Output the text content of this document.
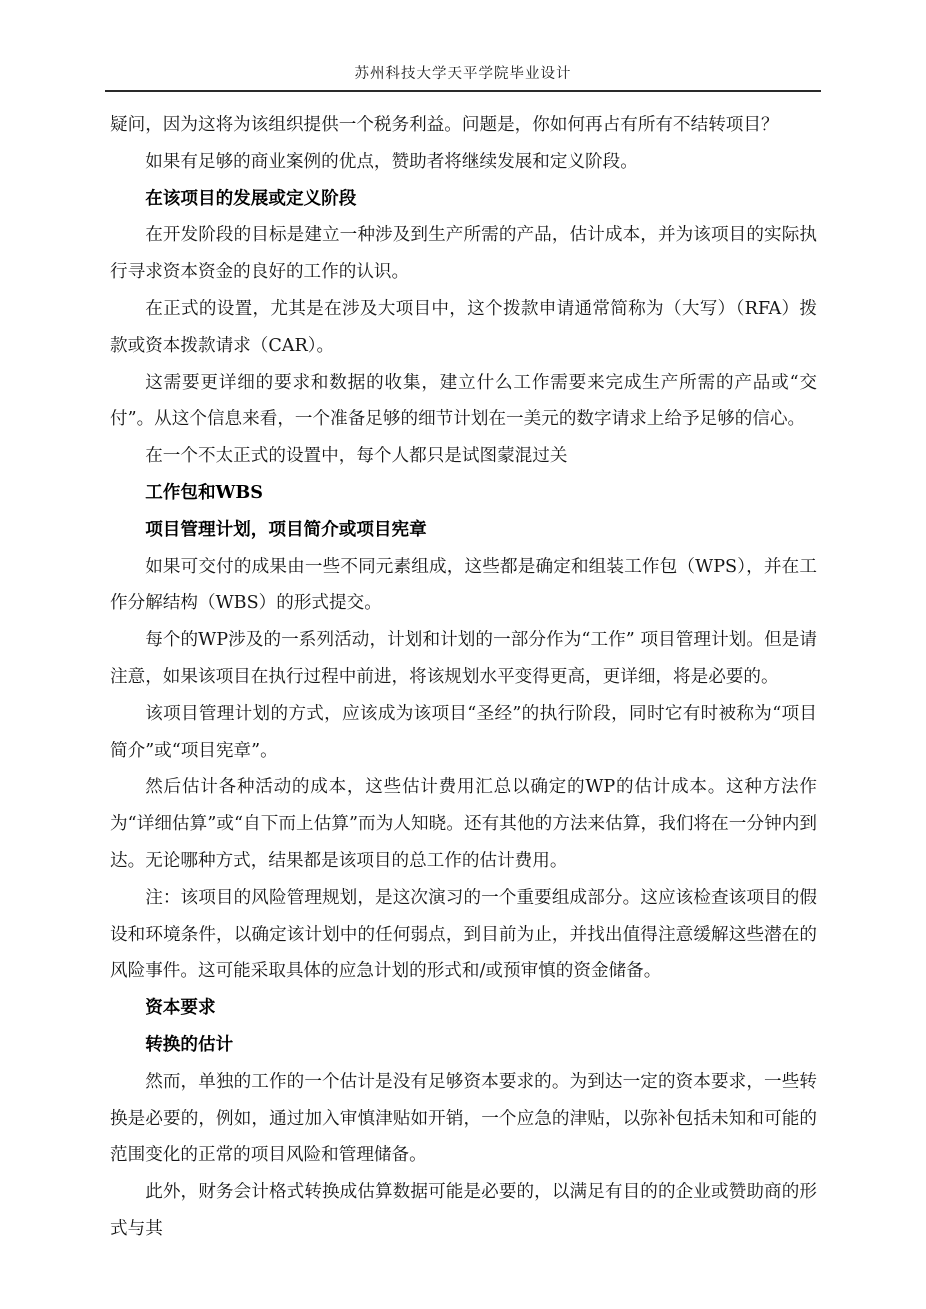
苏州科技大学天平学院毕业设计

疑问，因为这将为该组织提供一个税务利益。问题是，你如何再占有所有不结转项目？

如果有足够的商业案例的优点，赞助者将继续发展和定义阶段。

在该项目的发展或定义阶段

在开发阶段的目标是建立一种涉及到生产所需的产品，估计成本，并为该项目的实际执行寻求资本资金的良好的工作的认识。

在正式的设置，尤其是在涉及大项目中，这个拨款申请通常简称为（大写）（RFA）拨款或资本拨款请求（CAR）。

这需要更详细的要求和数据的收集，建立什么工作需要来完成生产所需的产品或“交付”。从这个信息来看，一个准备足够的细节计划在一美元的数字请求上给予足够的信心。

在一个不太正式的设置中，每个人都只是试图蒙混过关

工作包和WBS

项目管理计划，项目简介或项目宪章

如果可交付的成果由一些不同元素组成，这些都是确定和组装工作包（WPS），并在工作分解结构（WBS）的形式提交。

每个的WP涉及的一系列活动，计划和计划的一部分作为“工作” 项目管理计划。但是请注意，如果该项目在执行过程中前进，将该规划水平变得更高，更详细，将是必要的。

该项目管理计划的方式，应该成为该项目“圣经”的执行阶段，同时它有时被称为“项目简介”或“项目宪章”。

然后估计各种活动的成本，这些估计费用汇总以确定的WP的估计成本。这种方法作为“详细估算”或“自下而上估算”而为人知晓。还有其他的方法来估算，我们将在一分钟内到达。无论哪种方式，结果都是该项目的总工作的估计费用。

注：该项目的风险管理规划，是这次演习的一个重要组成部分。这应该检查该项目的假设和环境条件，以确定该计划中的任何弱点，到目前为止，并找出值得注意缓解这些潜在的风险事件。这可能采取具体的应急计划的形式和/或预审慎的资金储备。

资本要求

转换的估计

然而，单独的工作的一个估计是没有足够资本要求的。为到达一定的资本要求，一些转换是必要的，例如，通过加入审慎津贴如开销，一个应急的津贴，以弥补包括未知和可能的范围变化的正常的项目风险和管理储备。

此外，财务会计格式转换成估算数据可能是必要的，以满足有目的的企业或赞助商的形式与其
